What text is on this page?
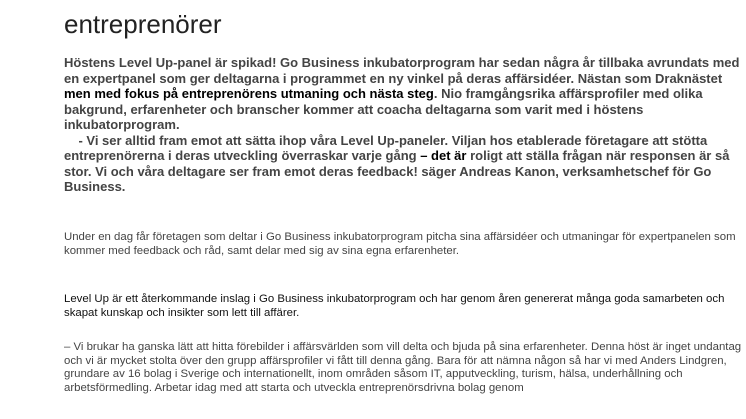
entreprenörer

Höstens Level Up-panel är spikad! Go Business inkubatorprogram har sedan några år tillbaka avrundats med en expertpanel som ger deltagarna i programmet en ny vinkel på deras affärsidéer. Nästan som Draknästet men med fokus på entreprenörens utmaning och nästa steg. Nio framgångsrika affärsprofiler med olika bakgrund, erfarenheter och branscher kommer att coacha deltagarna som varit med i höstens inkubatorprogram.

- Vi ser alltid fram emot att sätta ihop våra Level Up-paneler. Viljan hos etablerade företagare att stötta entreprenörerna i deras utveckling överraskar varje gång – det är roligt att ställa frågan när responsen är så stor. Vi och våra deltagare ser fram emot deras feedback! säger Andreas Kanon, verksamhetschef för Go Business.

Under en dag får företagen som deltar i Go Business inkubatorprogram pitcha sina affärsidéer och utmaningar för expertpanelen som kommer med feedback och råd, samt delar med sig av sina egna erfarenheter.

Level Up är ett återkommande inslag i Go Business inkubatorprogram och har genom åren genererat många goda samarbeten och skapat kunskap och insikter som lett till affärer.

– Vi brukar ha ganska lätt att hitta förebilder i affärsvärlden som vill delta och bjuda på sina erfarenheter. Denna höst är inget undantag och vi är mycket stolta över den grupp affärsprofiler vi fått till denna gång. Bara för att nämna någon så har vi med Anders Lindgren, grundare av 16 bolag i Sverige och internationellt, inom områden såsom IT, apputveckling, turism, hälsa, underhållning och arbetsförmedling. Arbetar idag med att starta och utveckla entreprenörsdrivna bolag genom
